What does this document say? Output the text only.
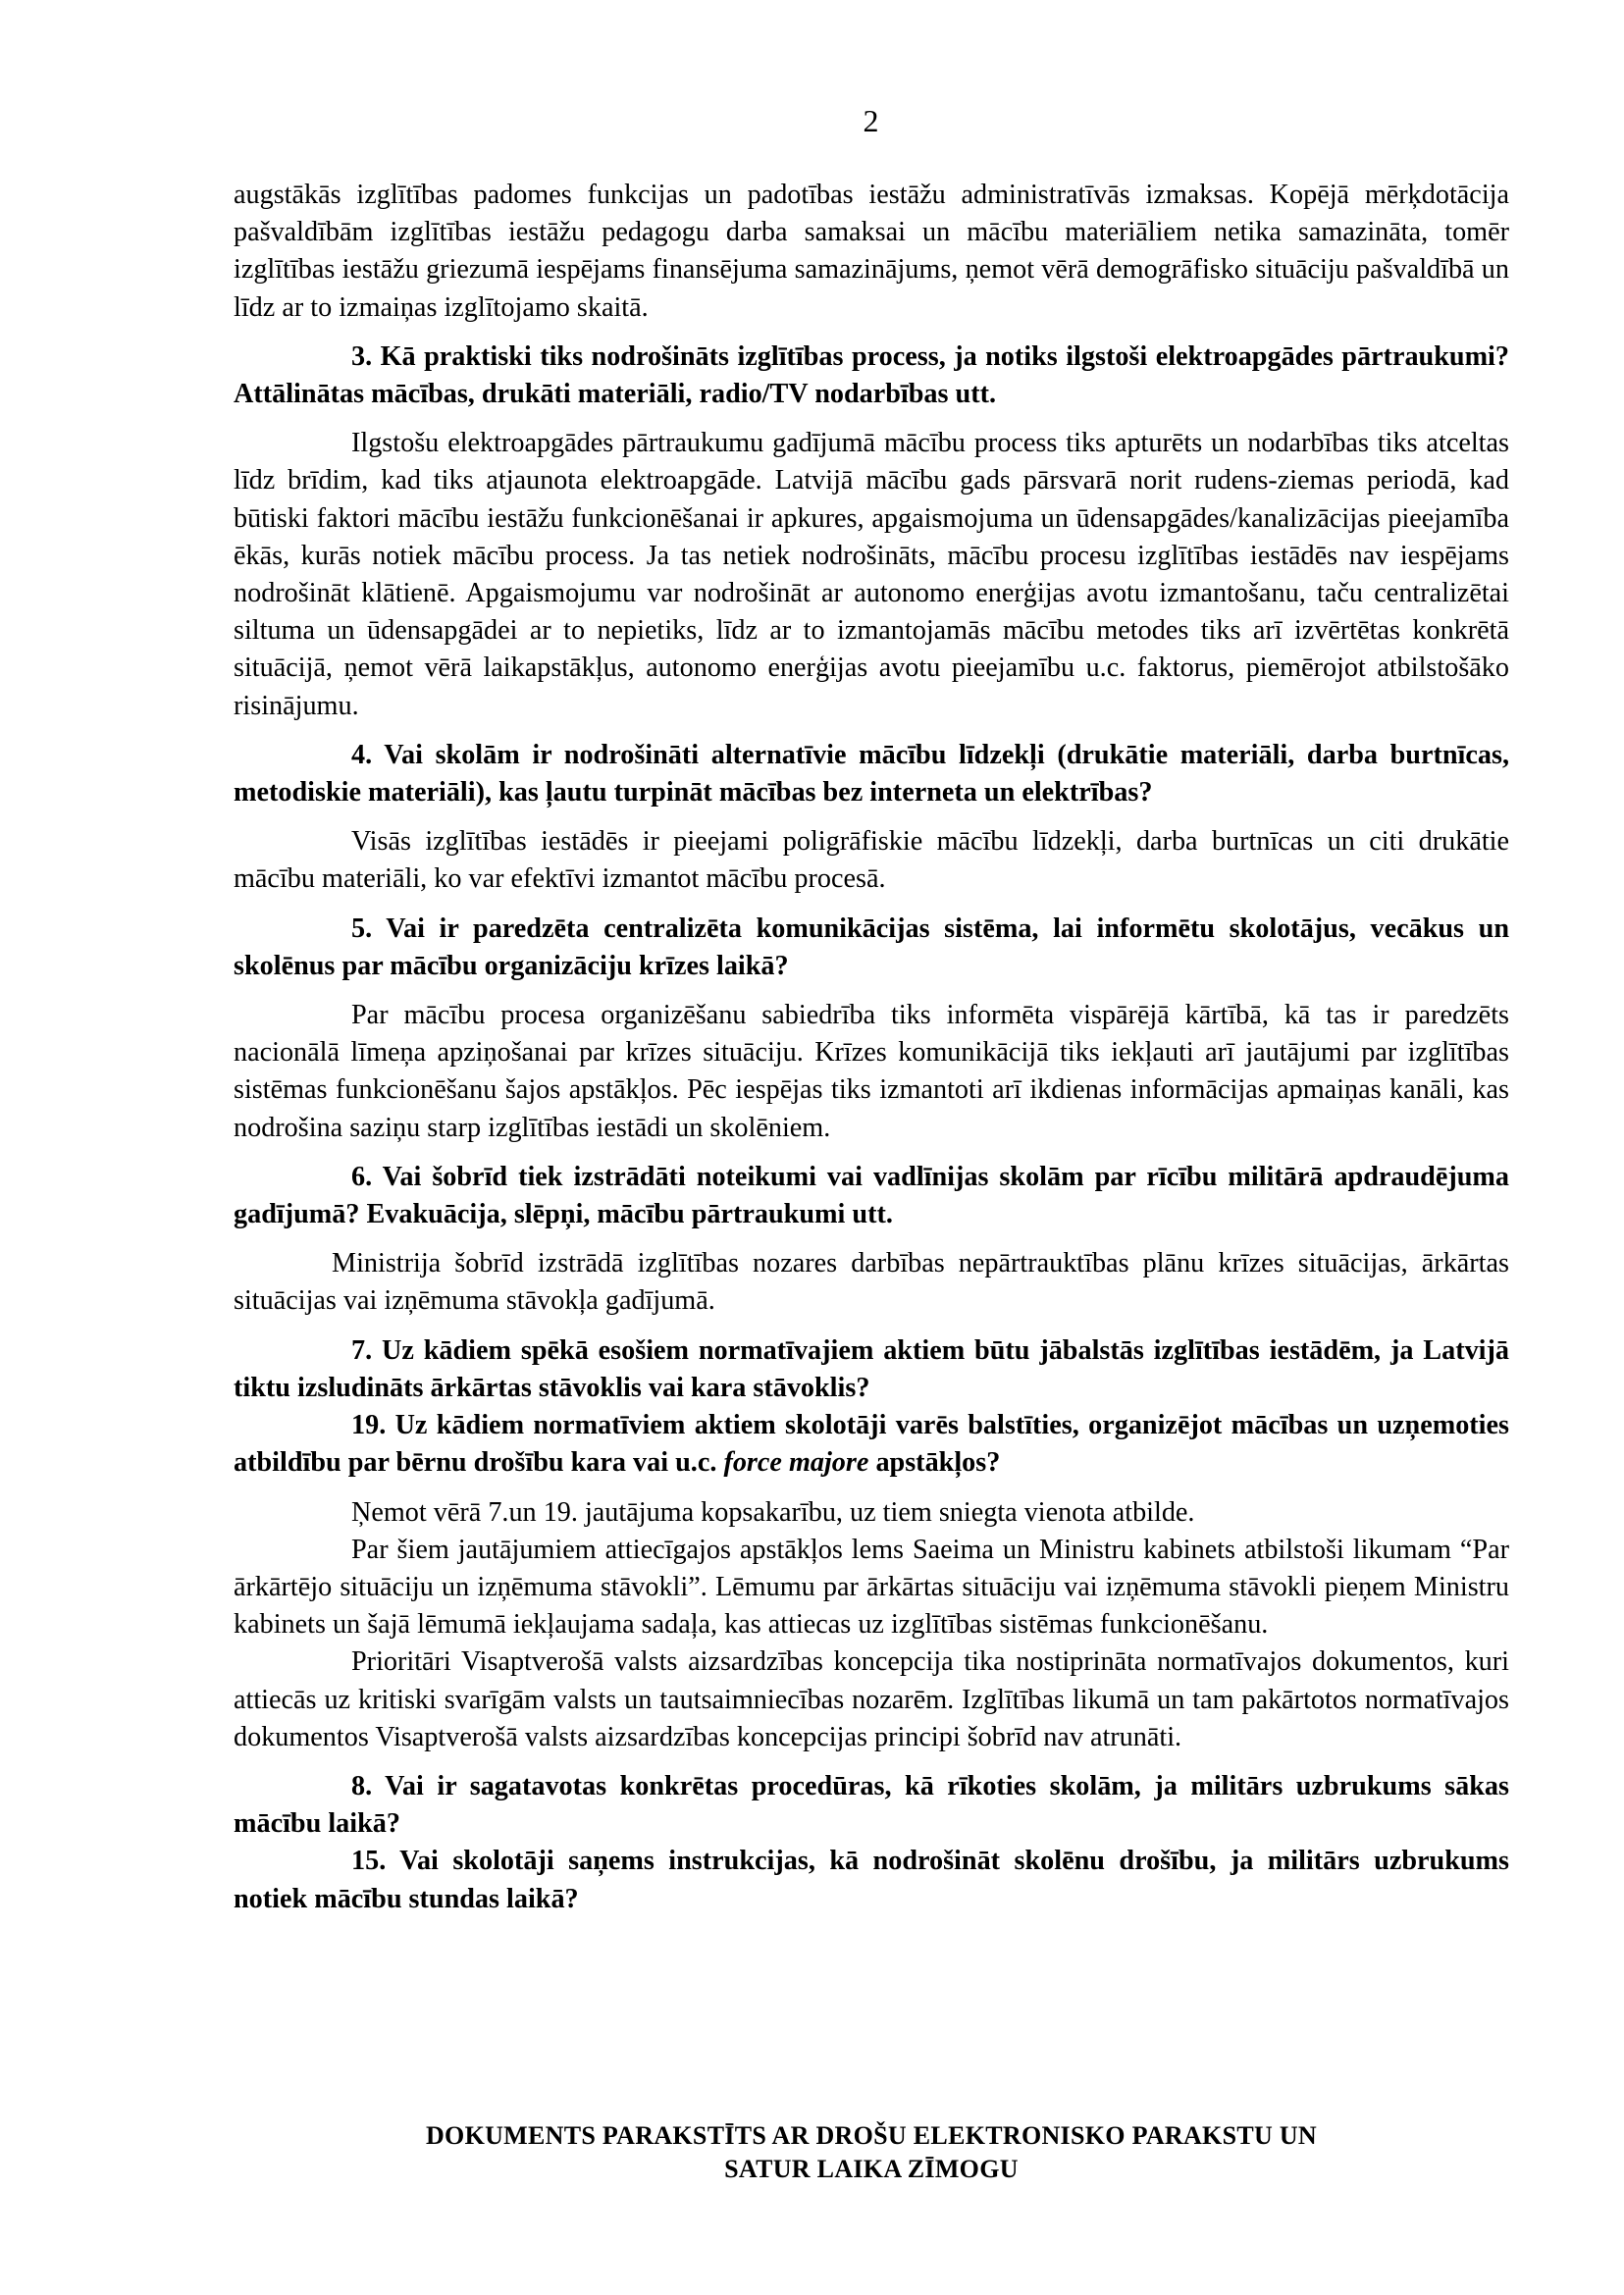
2

augstākās izglītības padomes funkcijas un padotības iestāžu administratīvās izmaksas. Kopējā mērķdotācija pašvaldībām izglītības iestāžu pedagogu darba samaksai un mācību materiāliem netika samazināta, tomēr izglītības iestāžu griezumā iespējams finansējuma samazinājums, ņemot vērā demogrāfisko situāciju pašvaldībā un līdz ar to izmaiņas izglītojamo skaitā.

3. Kā praktiski tiks nodrošināts izglītības process, ja notiks ilgstoši elektroapgādes pārtraukumi? Attālinātas mācības, drukāti materiāli, radio/TV nodarbības utt.

Ilgstošu elektroapgādes pārtraukumu gadījumā mācību process tiks apturēts un nodarbības tiks atceltas līdz brīdim, kad tiks atjaunota elektroapgāde. Latvijā mācību gads pārsvarā norit rudens-ziemas periodā, kad būtiski faktori mācību iestāžu funkcionēšanai ir apkures, apgaismojuma un ūdensapgādes/kanalizācijas pieejamība ēkās, kurās notiek mācību process. Ja tas netiek nodrošināts, mācību procesu izglītības iestādēs nav iespējams nodrošināt klātienē. Apgaismojumu var nodrošināt ar autonomo enerģijas avotu izmantošanu, taču centralizētai siltuma un ūdensapgādei ar to nepietiks, līdz ar to izmantojamās mācību metodes tiks arī izvērtētas konkrētā situācijā, ņemot vērā laikapstākļus, autonomo enerģijas avotu pieejamību u.c. faktorus, piemērojot atbilstošāko risinājumu.

4. Vai skolām ir nodrošināti alternatīvie mācību līdzekļi (drukātie materiāli, darba burtnīcas, metodiskie materiāli), kas ļautu turpināt mācības bez interneta un elektrības?

Visās izglītības iestādēs ir pieejami poligrāfiskie mācību līdzekļi, darba burtnīcas un citi drukātie mācību materiāli, ko var efektīvi izmantot mācību procesā.

5. Vai ir paredzēta centralizēta komunikācijas sistēma, lai informētu skolotājus, vecākus un skolēnus par mācību organizāciju krīzes laikā?

Par mācību procesa organizēšanu sabiedrība tiks informēta vispārējā kārtībā, kā tas ir paredzēts nacionālā līmeņa apziņošanai par krīzes situāciju. Krīzes komunikācijā tiks iekļauti arī jautājumi par izglītības sistēmas funkcionēšanu šajos apstākļos. Pēc iespējas tiks izmantoti arī ikdienas informācijas apmaiņas kanāli, kas nodrošina saziņu starp izglītības iestādi un skolēniem.

6. Vai šobrīd tiek izstrādāti noteikumi vai vadlīnijas skolām par rīcību militārā apdraudējuma gadījumā? Evakuācija, slēpņi, mācību pārtraukumi utt.

Ministrija šobrīd izstrādā izglītības nozares darbības nepārtrauktības plānu krīzes situācijas, ārkārtas situācijas vai izņēmuma stāvokļa gadījumā.

7. Uz kādiem spēkā esošiem normatīvajiem aktiem būtu jābalstās izglītības iestādēm, ja Latvijā tiktu izsludināts ārkārtas stāvoklis vai kara stāvoklis?

19. Uz kādiem normatīviem aktiem skolotāji varēs balstīties, organizējot mācības un uzņemoties atbildību par bērnu drošību kara vai u.c. force majore apstākļos?

Ņemot vērā 7.un 19. jautājuma kopsakarību, uz tiem sniegta vienota atbilde.

Par šiem jautājumiem attiecīgajos apstākļos lems Saeima un Ministru kabinets atbilstoši likumam “Par ārkārtējo situāciju un izņēmuma stāvokli”. Lēmumu par ārkārtas situāciju vai izņēmuma stāvokli pieņem Ministru kabinets un šajā lēmumā iekļaujama sadaļa, kas attiecas uz izglītības sistēmas funkcionēšanu.

Prioritāri Visaptverošā valsts aizsardzības koncepcija tika nostiprināta normatīvajos dokumentos, kuri attiecās uz kritiski svarīgām valsts un tautsaimniecības nozarēm. Izglītības likumā un tam pakārtotos normatīvajos dokumentos Visaptverošā valsts aizsardzības koncepcijas principi šobrīd nav atrunāti.

8. Vai ir sagatavotas konkrētas procedūras, kā rīkoties skolām, ja militārs uzbrukums sākas mācību laikā?

15. Vai skolotāji saņems instrukcijas, kā nodrošināt skolēnu drošību, ja militārs uzbrukums notiek mācību stundas laikā?

DOKUMENTS PARAKSTĪTS AR DROŠU ELEKTRONISKO PARAKSTU UN
SATUR LAIKA ZĪMOGU
